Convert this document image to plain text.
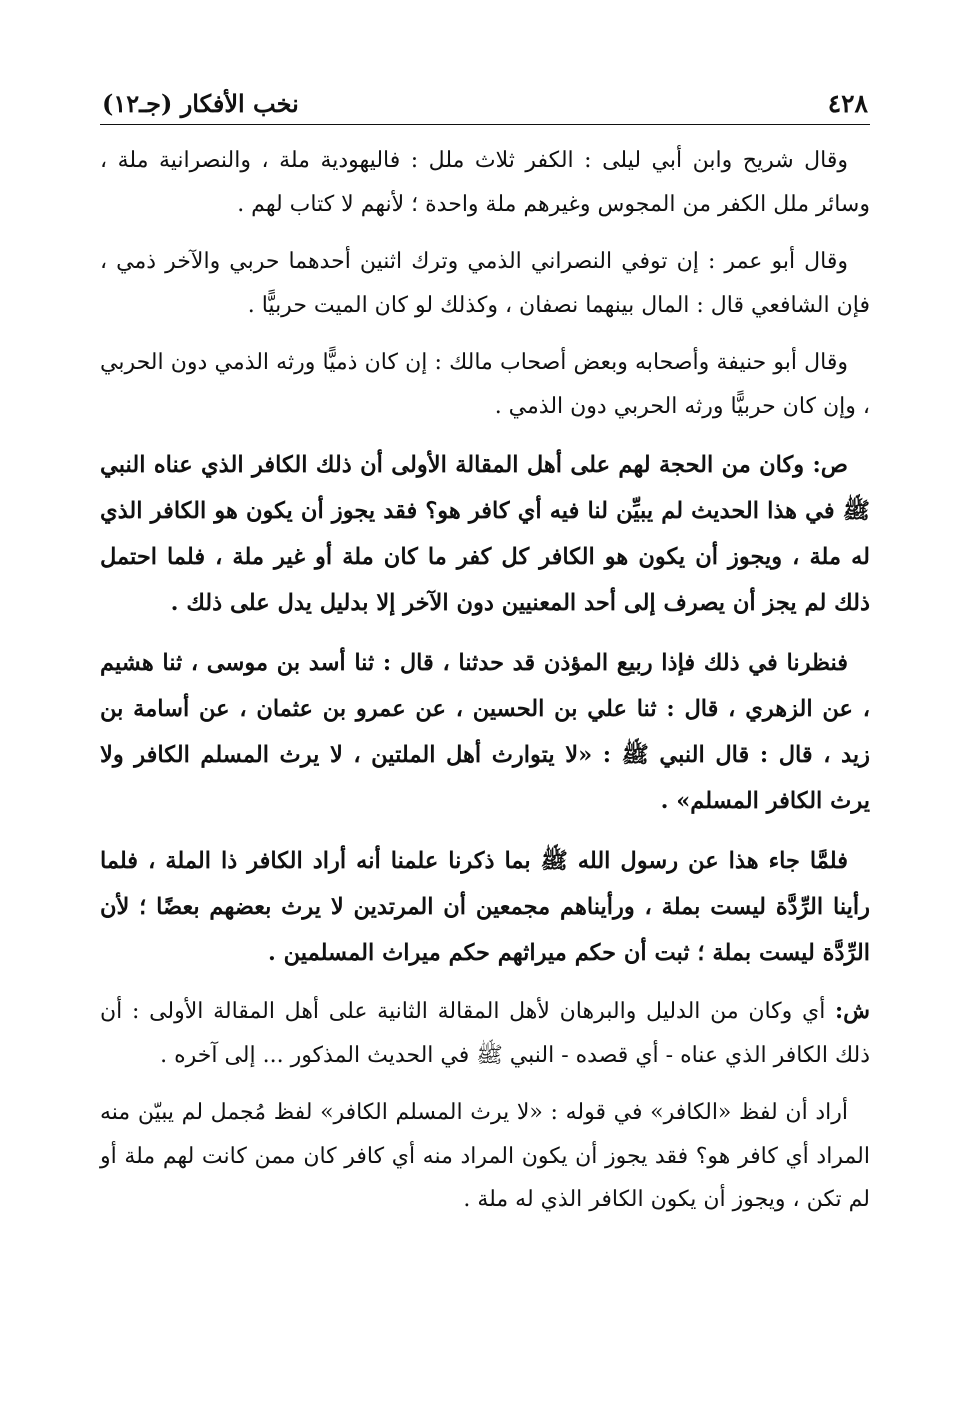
٤٢٨
نخب الأفكار (جـ١٢)

وقال شريح وابن أبي ليلى : الكفر ثلاث ملل : فاليهودية ملة ، والنصرانية ملة ، وسائر ملل الكفر من المجوس وغيرهم ملة واحدة ؛ لأنهم لا كتاب لهم .

وقال أبو عمر : إن توفي النصراني الذمي وترك اثنين أحدهما حربي والآخر ذمي ، فإن الشافعي قال : المال بينهما نصفان ، وكذلك لو كان الميت حربيًّا .

وقال أبو حنيفة وأصحابه وبعض أصحاب مالك : إن كان ذميًّا ورثه الذمي دون الحربي ، وإن كان حربيًّا ورثه الحربي دون الذمي .

ص: وكان من الحجة لهم على أهل المقالة الأولى أن ذلك الكافر الذي عناه النبي ﷺ في هذا الحديث لم يبيِّن لنا فيه أي كافر هو؟ فقد يجوز أن يكون هو الكافر الذي له ملة ، ويجوز أن يكون هو الكافر كل كفر ما كان ملة أو غير ملة ، فلما احتمل ذلك لم يجز أن يصرف إلى أحد المعنيين دون الآخر إلا بدليل يدل على ذلك .

فنظرنا في ذلك فإذا ربيع المؤذن قد حدثنا ، قال : ثنا أسد بن موسى ، ثنا هشيم ، عن الزهري ، قال : ثنا علي بن الحسين ، عن عمرو بن عثمان ، عن أسامة بن زيد ، قال : قال النبي ﷺ : «لا يتوارث أهل الملتين ، لا يرث المسلم الكافر ولا يرث الكافر المسلم» .

فلمَّا جاء هذا عن رسول الله ﷺ بما ذكرنا علمنا أنه أراد الكافر ذا الملة ، فلما رأينا الرِّدَّة ليست بملة ، ورأيناهم مجمعين أن المرتدين لا يرث بعضهم بعضًا ؛ لأن الرِّدَّة ليست بملة ؛ ثبت أن حكم ميراثهم حكم ميراث المسلمين .

ش: أي وكان من الدليل والبرهان لأهل المقالة الثانية على أهل المقالة الأولى : أن ذلك الكافر الذي عناه - أي قصده - النبي ﷺ في الحديث المذكور ... إلى آخره .

أراد أن لفظ «الكافر» في قوله : «لا يرث المسلم الكافر» لفظ مُجمل لم يبيّن منه المراد أي كافر هو؟ فقد يجوز أن يكون المراد منه أي كافر كان ممن كانت لهم ملة أو لم تكن ، ويجوز أن يكون الكافر الذي له ملة .
